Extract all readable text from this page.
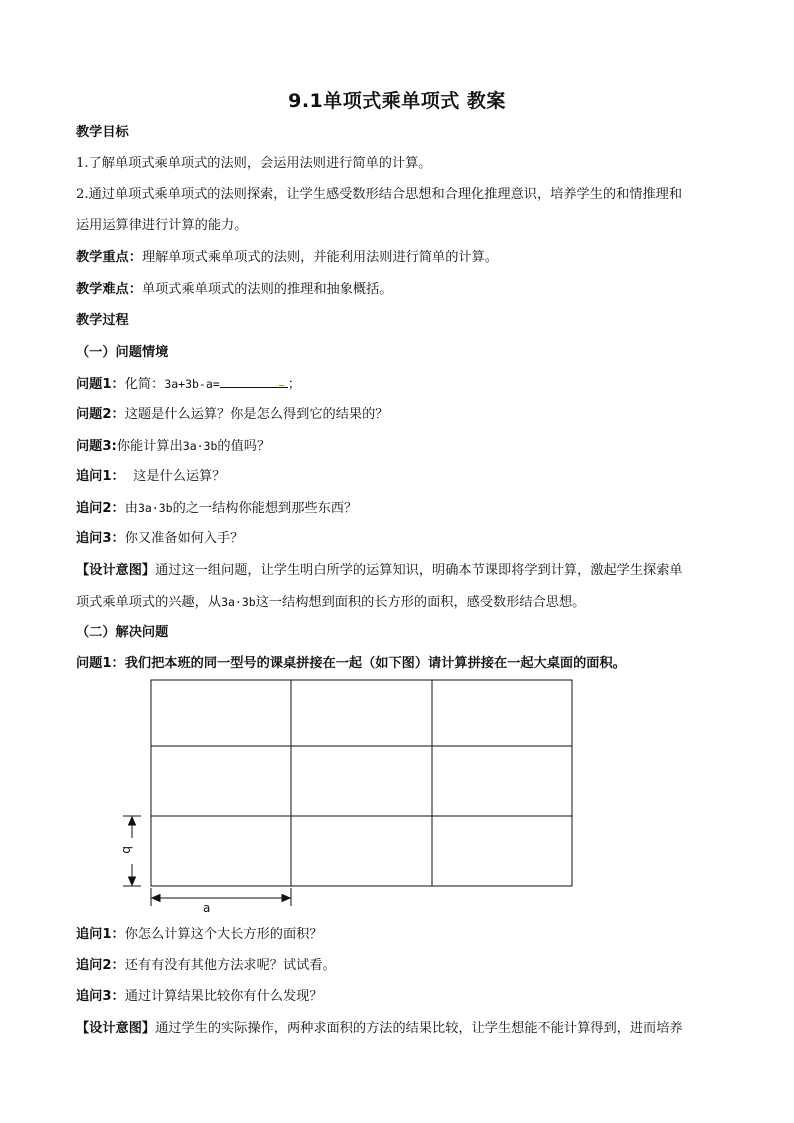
9.1单项式乘单项式 教案
教学目标
1.了解单项式乘单项式的法则，会运用法则进行简单的计算。
2.通过单项式乘单项式的法则探索，让学生感受数形结合思想和合理化推理意识，培养学生的和情推理和
运用运算律进行计算的能力。
教学重点：理解单项式乘单项式的法则，并能利用法则进行简单的计算。
教学难点：单项式乘单项式的法则的推理和抽象概括。
教学过程
（一）问题情境
问题1：化简：3a+3b-a=	；
问题2：这题是什么运算？你是怎么得到它的结果的？
问题3:你能计算出3a·3b的值吗？
追问1：  这是什么运算？
追问2：由3a·3b的之一结构你能想到那些东西？
追问3：你又准备如何入手？
【设计意图】通过这一组问题，让学生明白所学的运算知识，明确本节课即将学到计算，激起学生探索单
项式乘单项式的兴趣，从3a·3b这一结构想到面积的长方形的面积，感受数形结合思想。
（二）解决问题
问题1：我们把本班的同一型号的课桌拼接在一起（如下图）请计算拼接在一起大桌面的面积。
b
a
追问1：你怎么计算这个大长方形的面积？
追问2：还有有没有其他方法求呢？试试看。
追问3：通过计算结果比较你有什么发现？
【设计意图】通过学生的实际操作，两种求面积的方法的结果比较，让学生想能不能计算得到，进而培养
